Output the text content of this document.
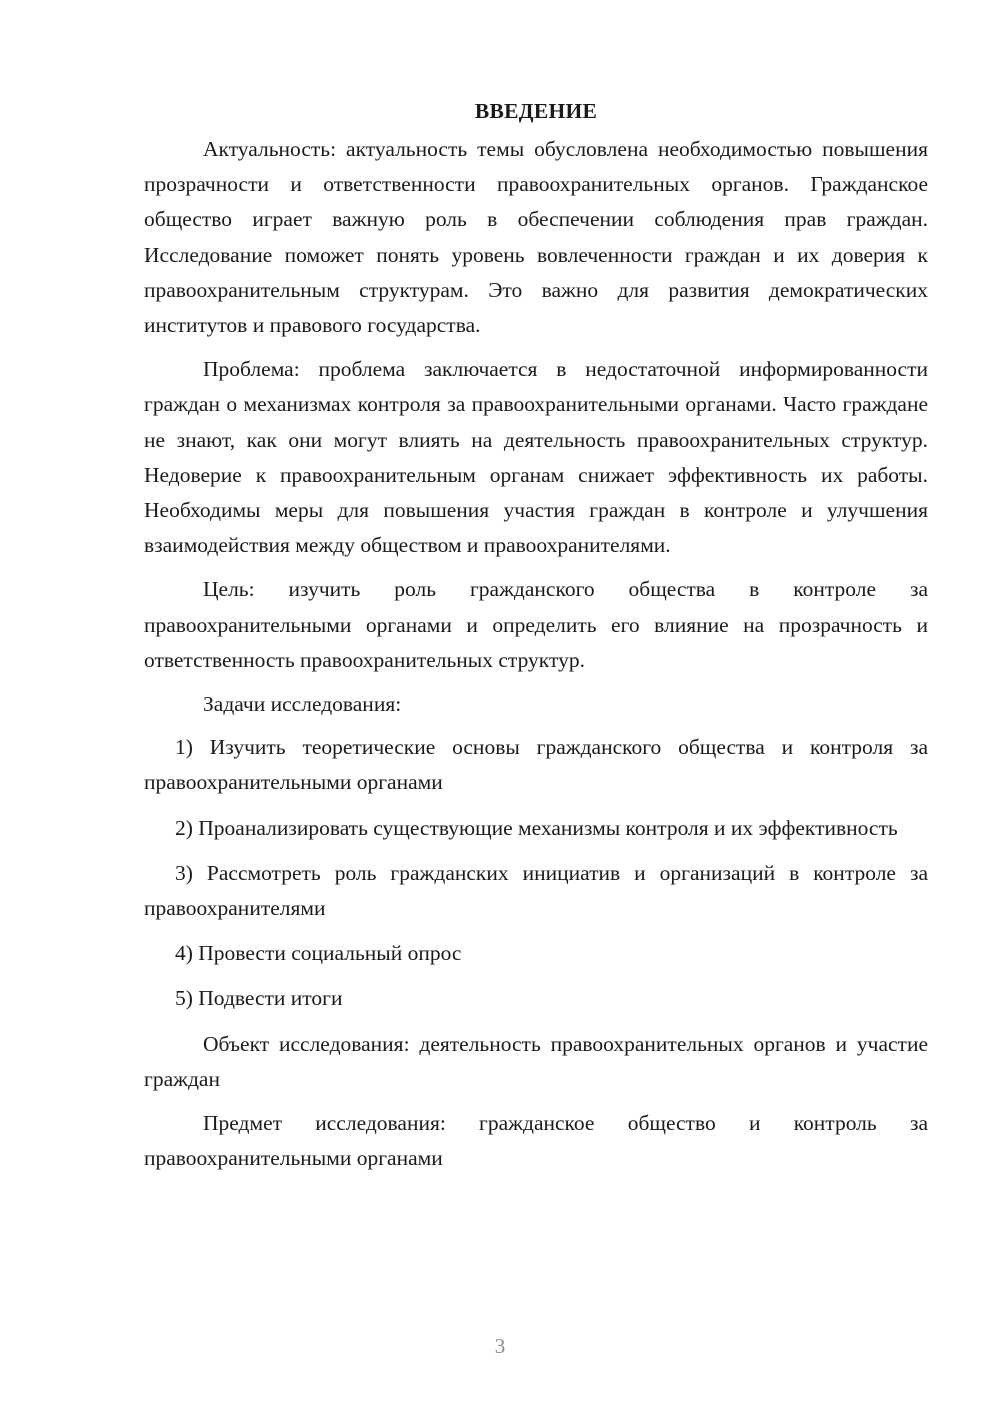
ВВЕДЕНИЕ

Актуальность: актуальность темы обусловлена необходимостью повышения прозрачности и ответственности правоохранительных органов. Гражданское общество играет важную роль в обеспечении соблюдения прав граждан. Исследование поможет понять уровень вовлеченности граждан и их доверия к правоохранительным структурам. Это важно для развития демократических институтов и правового государства.

Проблема: проблема заключается в недостаточной информированности граждан о механизмах контроля за правоохранительными органами. Часто граждане не знают, как они могут влиять на деятельность правоохранительных структур. Недоверие к правоохранительным органам снижает эффективность их работы. Необходимы меры для повышения участия граждан в контроле и улучшения взаимодействия между обществом и правоохранителями.

Цель: изучить роль гражданского общества в контроле за правоохранительными органами и определить его влияние на прозрачность и ответственность правоохранительных структур.

Задачи исследования:

1) Изучить теоретические основы гражданского общества и контроля за правоохранительными органами

2) Проанализировать существующие механизмы контроля и их эффективность

3) Рассмотреть роль гражданских инициатив и организаций в контроле за правоохранителями

4) Провести социальный опрос

5) Подвести итоги

Объект исследования: деятельность правоохранительных органов и участие граждан

Предмет исследования: гражданское общество и контроль за правоохранительными органами

3
